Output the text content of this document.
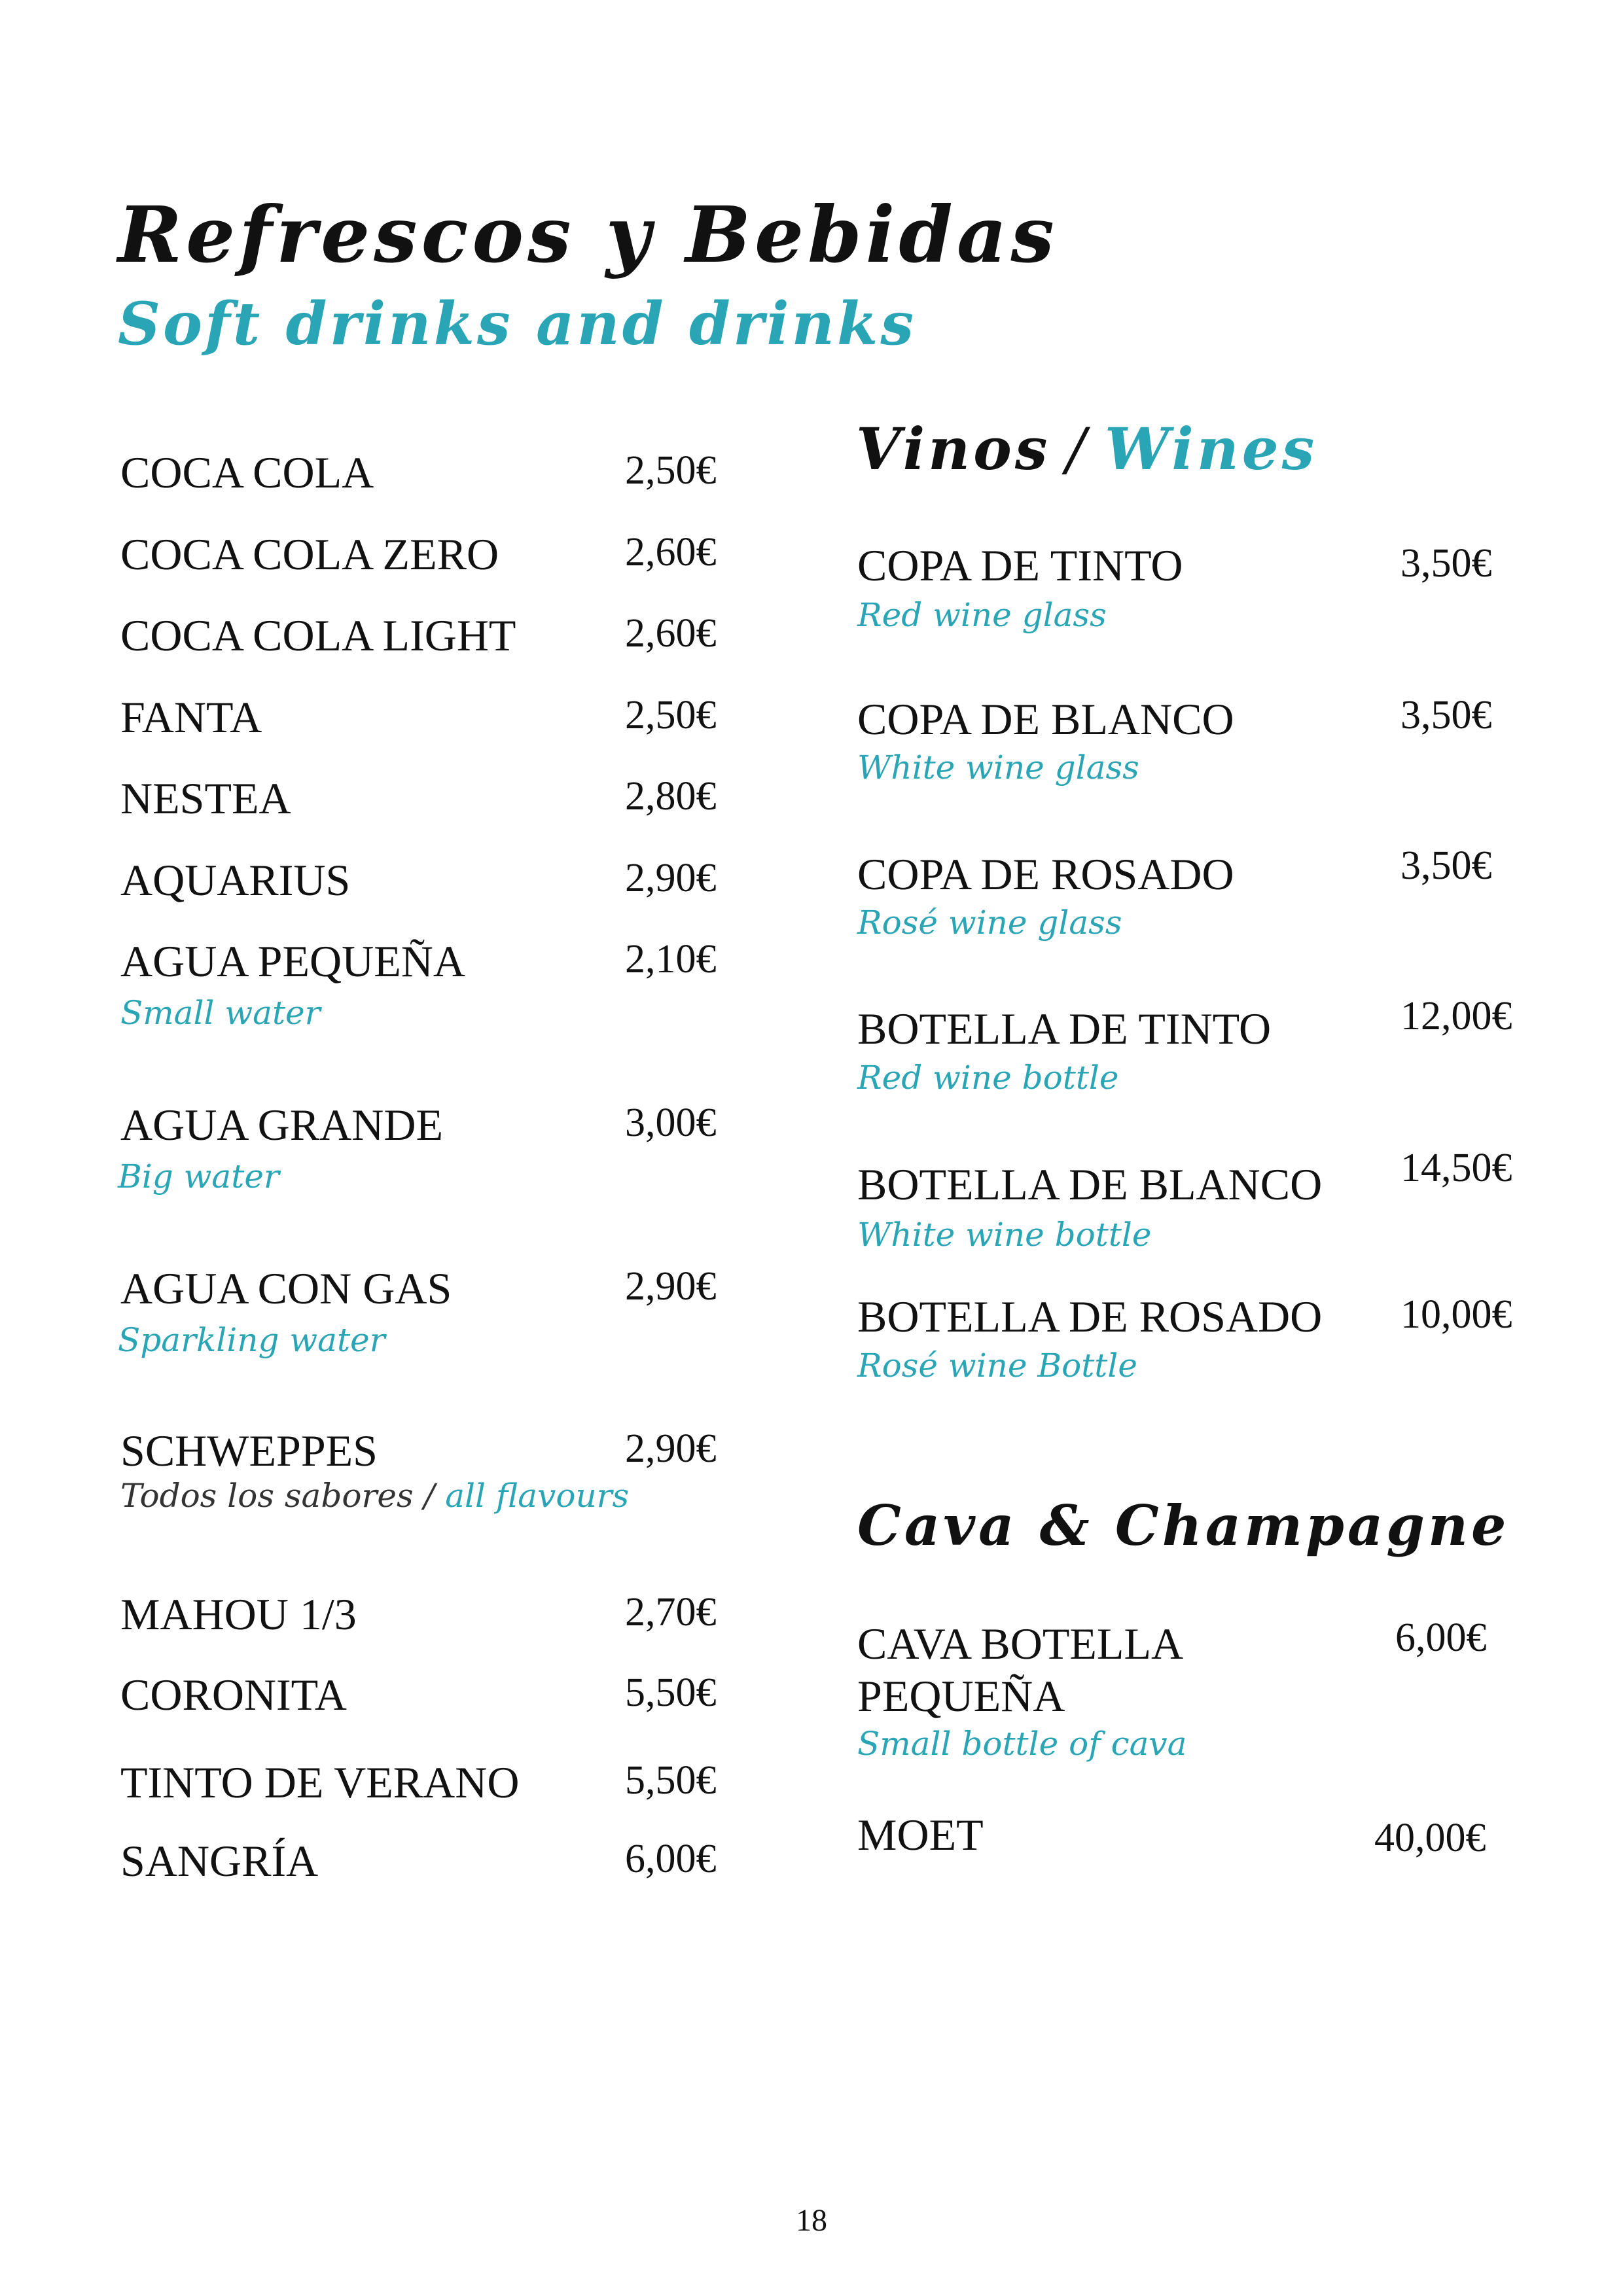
Refrescos y Bebidas
Soft drinks and drinks
COCA COLA	2,50€
COCA COLA ZERO	2,60€
COCA COLA LIGHT	2,60€
FANTA	2,50€
NESTEA	2,80€
AQUARIUS	2,90€
AGUA PEQUEÑA	2,10€
Small water
AGUA GRANDE	3,00€
Big water
AGUA CON GAS	2,90€
Sparkling water
SCHWEPPES	2,90€
Todos los sabores / all flavours
MAHOU 1/3	2,70€
CORONITA	5,50€
TINTO DE VERANO	5,50€
SANGRÍA	6,00€
Vinos / Wines
COPA DE TINTO	3,50€
Red wine glass
COPA DE BLANCO	3,50€
White wine glass
COPA DE ROSADO	3,50€
Rosé wine glass
BOTELLA DE TINTO	12,00€
Red wine bottle
BOTELLA DE BLANCO 14,50€
White wine bottle
BOTELLA DE ROSADO 10,00€
Rosé wine Bottle
Cava & Champagne
CAVA BOTELLA
PEQUEÑA
6,00€
Small bottle of cava
MOET	40,00€
18
